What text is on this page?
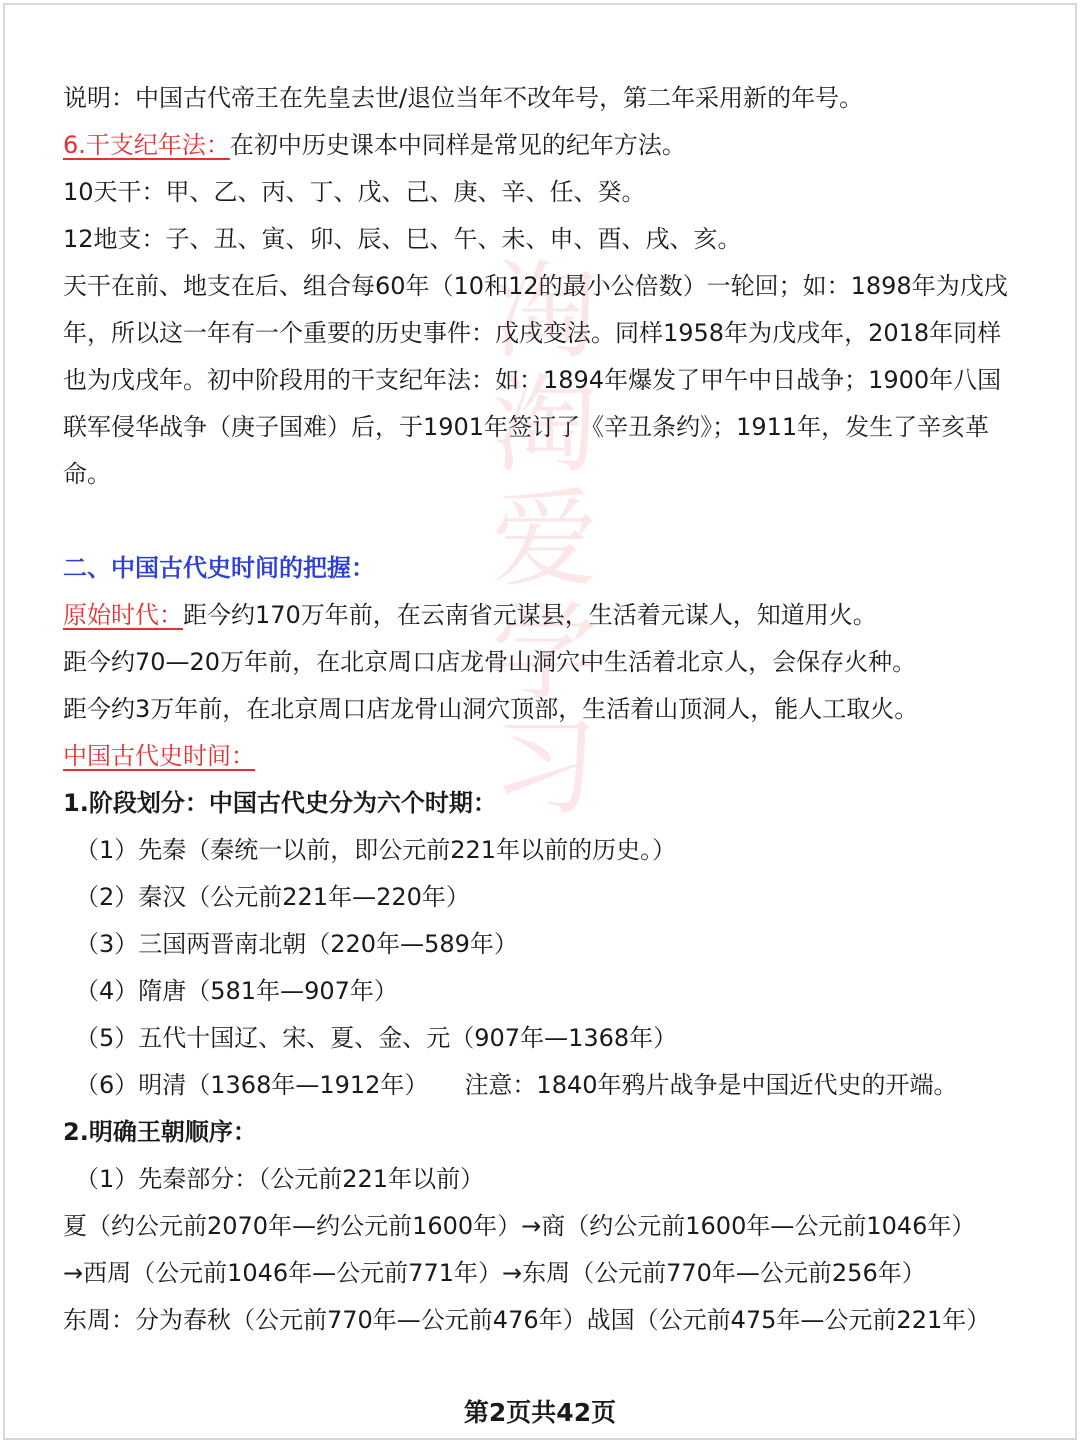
淘
淘
爱
学
习

说明：中国古代帝王在先皇去世/退位当年不改年号，第二年采用新的年号。

6.干支纪年法：在初中历史课本中同样是常见的纪年方法。

10天干：甲、乙、丙、丁、戊、己、庚、辛、任、癸。

12地支：子、丑、寅、卯、辰、巳、午、未、申、酉、戌、亥。

天干在前、地支在后、组合每60年（10和12的最小公倍数）一轮回；如：1898年为戊戌年，所以这一年有一个重要的历史事件：戊戌变法。同样1958年为戊戌年，2018年同样也为戊戌年。初中阶段用的干支纪年法：如：1894年爆发了甲午中日战争；1900年八国联军侵华战争（庚子国难）后，于1901年签订了《辛丑条约》；1911年，发生了辛亥革命。

二、中国古代史时间的把握：

原始时代：距今约170万年前，在云南省元谋县，生活着元谋人，知道用火。

距今约70—20万年前，在北京周口店龙骨山洞穴中生活着北京人，会保存火种。

距今约3万年前，在北京周口店龙骨山洞穴顶部，生活着山顶洞人，能人工取火。

中国古代史时间：

1.阶段划分：中国古代史分为六个时期：

（1）先秦（秦统一以前，即公元前221年以前的历史。）

（2）秦汉（公元前221年—220年）

（3）三国两晋南北朝（220年—589年）

（4）隋唐（581年—907年）

（5）五代十国辽、宋、夏、金、元（907年—1368年）

（6）明清（1368年—1912年） 注意：1840年鸦片战争是中国近代史的开端。

2.明确王朝顺序：

（1）先秦部分：（公元前221年以前）

夏（约公元前2070年—约公元前1600年）→商（约公元前1600年—公元前1046年）

→西周（公元前1046年—公元前771年）→东周（公元前770年—公元前256年）

东周：分为春秋（公元前770年—公元前476年）战国（公元前475年—公元前221年）

第2页共42页
